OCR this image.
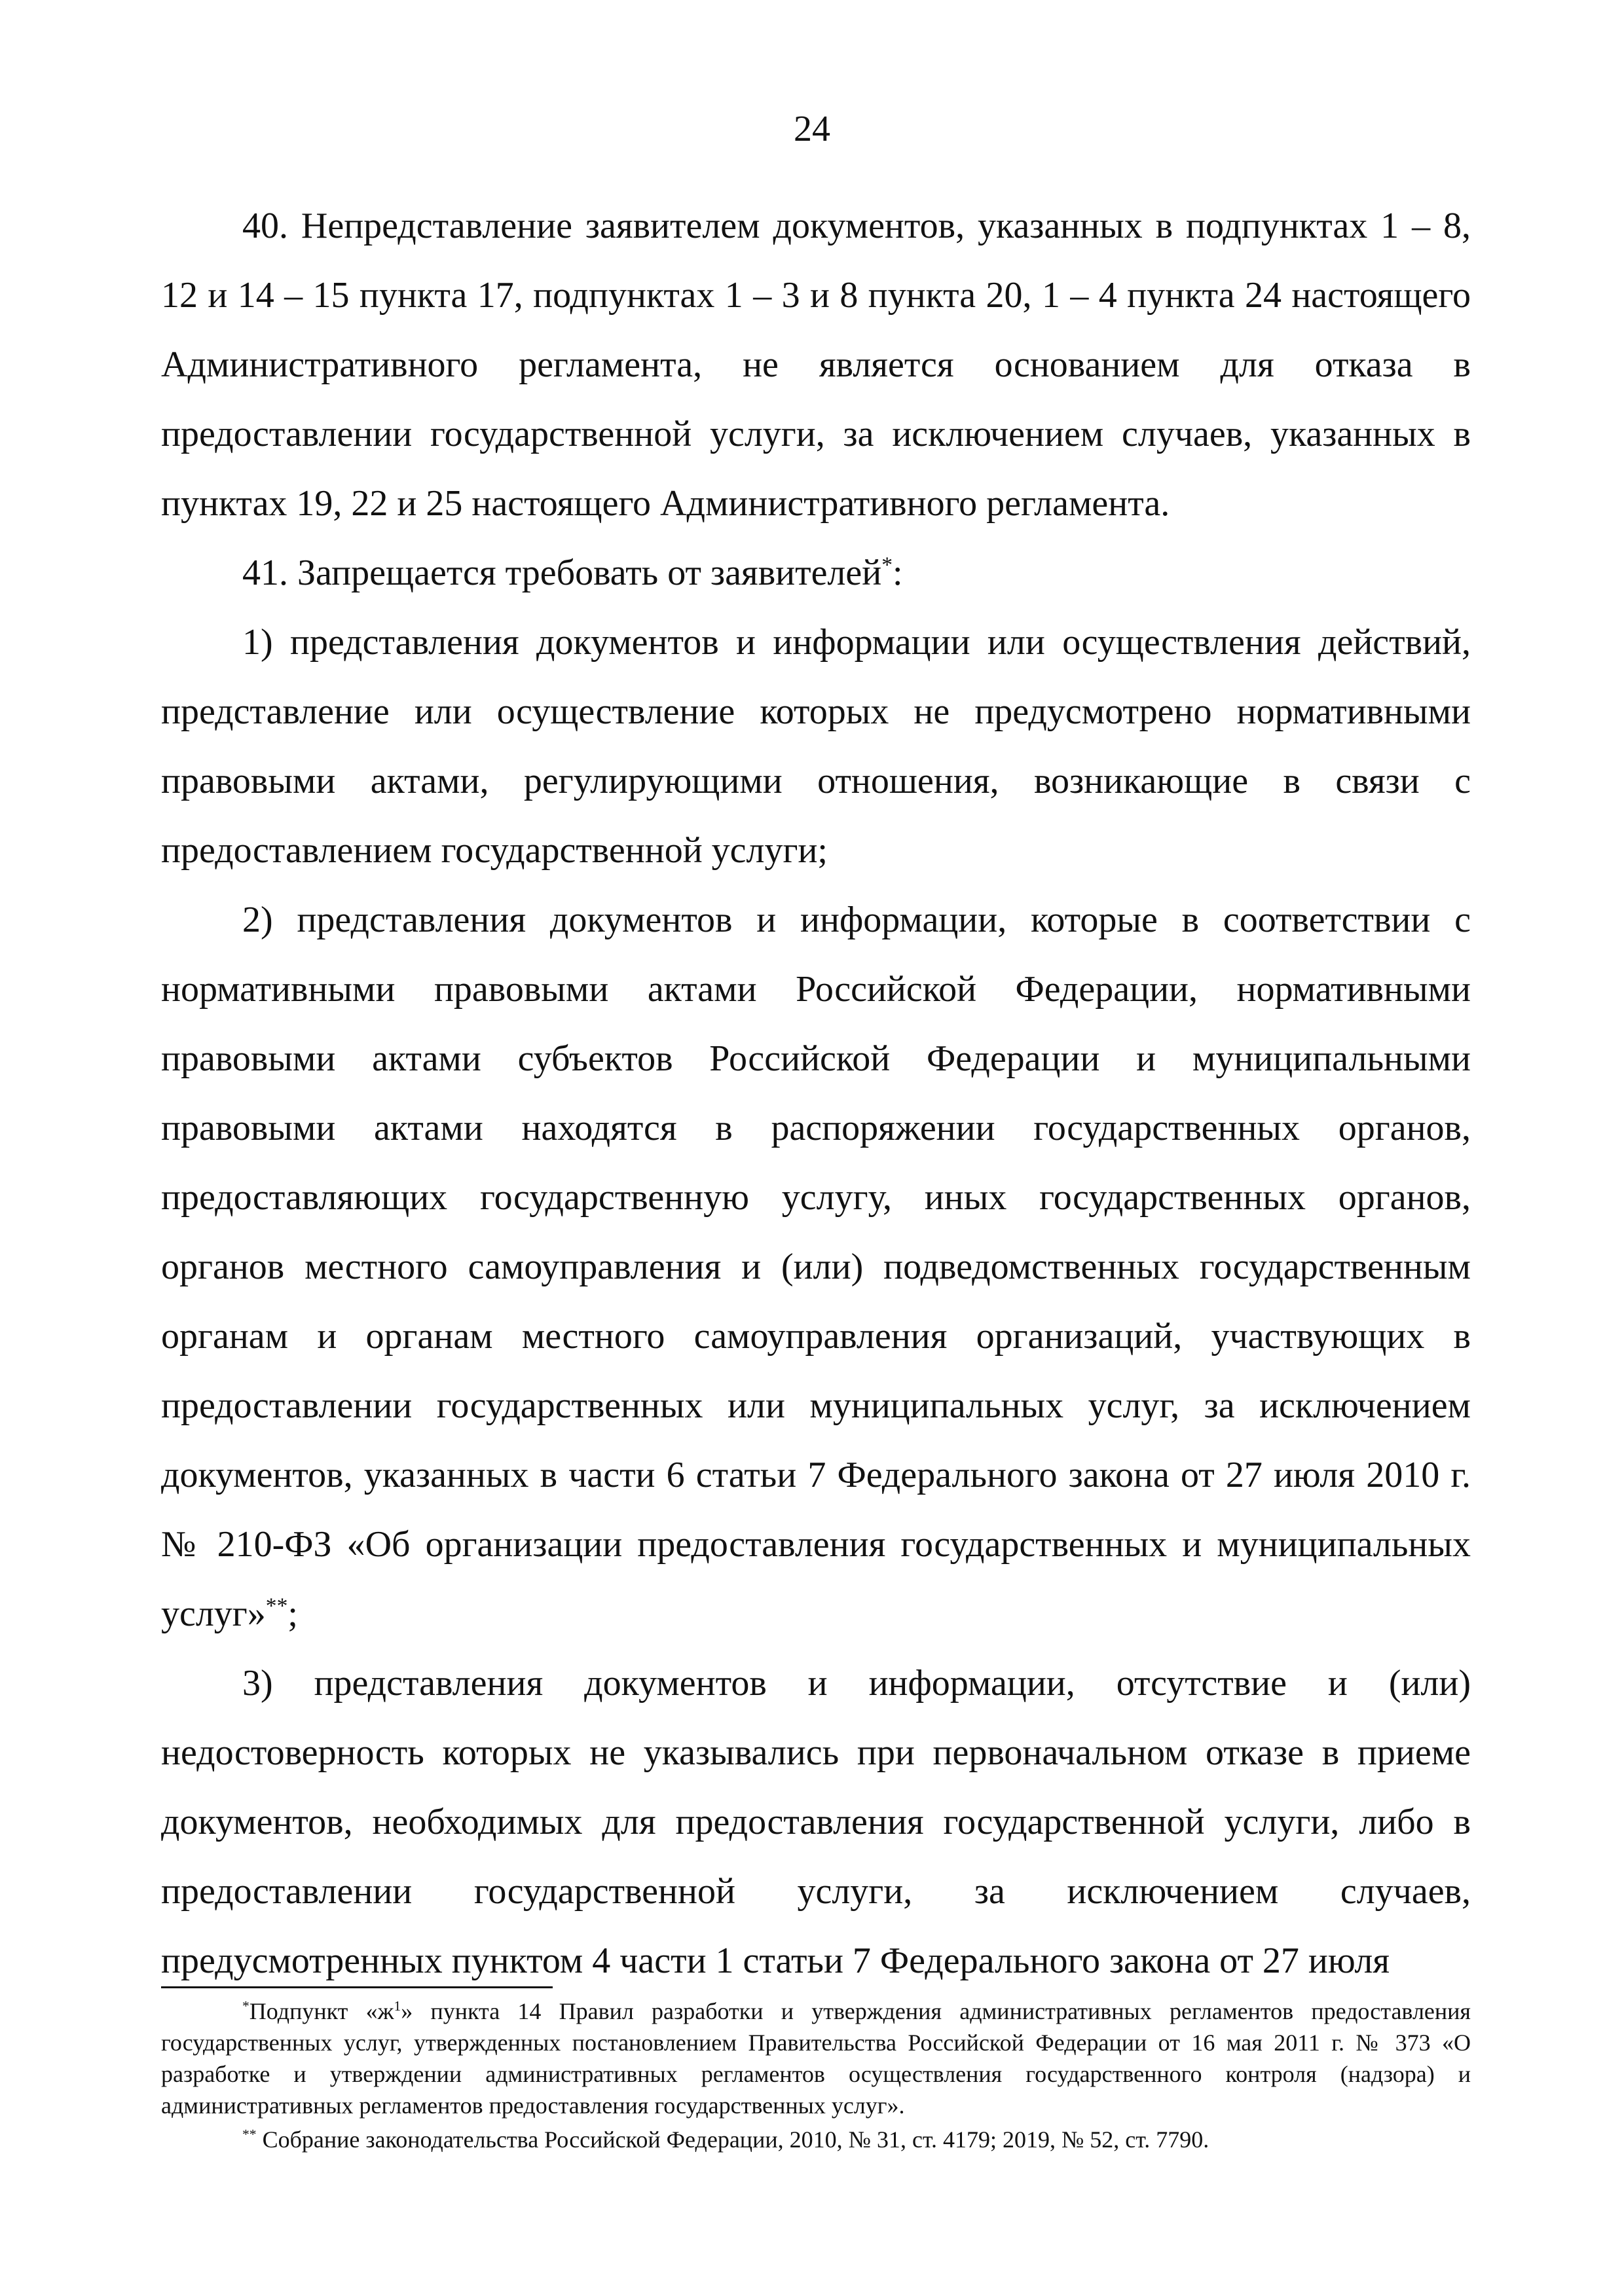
24

40. Непредставление заявителем документов, указанных в подпунктах 1 – 8, 12 и 14 – 15 пункта 17, подпунктах 1 – 3 и 8 пункта 20, 1 – 4 пункта 24 настоящего Административного регламента, не является основанием для отказа в предоставлении государственной услуги, за исключением случаев, указанных в пунктах 19, 22 и 25 настоящего Административного регламента.

41. Запрещается требовать от заявителей*:

1) представления документов и информации или осуществления действий, представление или осуществление которых не предусмотрено нормативными правовыми актами, регулирующими отношения, возникающие в связи с предоставлением государственной услуги;

2) представления документов и информации, которые в соответствии с нормативными правовыми актами Российской Федерации, нормативными правовыми актами субъектов Российской Федерации и муниципальными правовыми актами находятся в распоряжении государственных органов, предоставляющих государственную услугу, иных государственных органов, органов местного самоуправления и (или) подведомственных государственным органам и органам местного самоуправления организаций, участвующих в предоставлении государственных или муниципальных услуг, за исключением документов, указанных в части 6 статьи 7 Федерального закона от 27 июля 2010 г. № 210-ФЗ «Об организации предоставления государственных и муниципальных услуг»**;

3) представления документов и информации, отсутствие и (или) недостоверность которых не указывались при первоначальном отказе в приеме документов, необходимых для предоставления государственной услуги, либо в предоставлении государственной услуги, за исключением случаев, предусмотренных пунктом 4 части 1 статьи 7 Федерального закона от 27 июля

*Подпункт «$ж^1$» пункта 14 Правил разработки и утверждения административных регламентов предоставления государственных услуг, утвержденных постановлением Правительства Российской Федерации от 16 мая 2011 г. № 373 «О разработке и утверждении административных регламентов осуществления государственного контроля (надзора) и административных регламентов предоставления государственных услуг».

** Собрание законодательства Российской Федерации, 2010, № 31, ст. 4179; 2019, № 52, ст. 7790.
